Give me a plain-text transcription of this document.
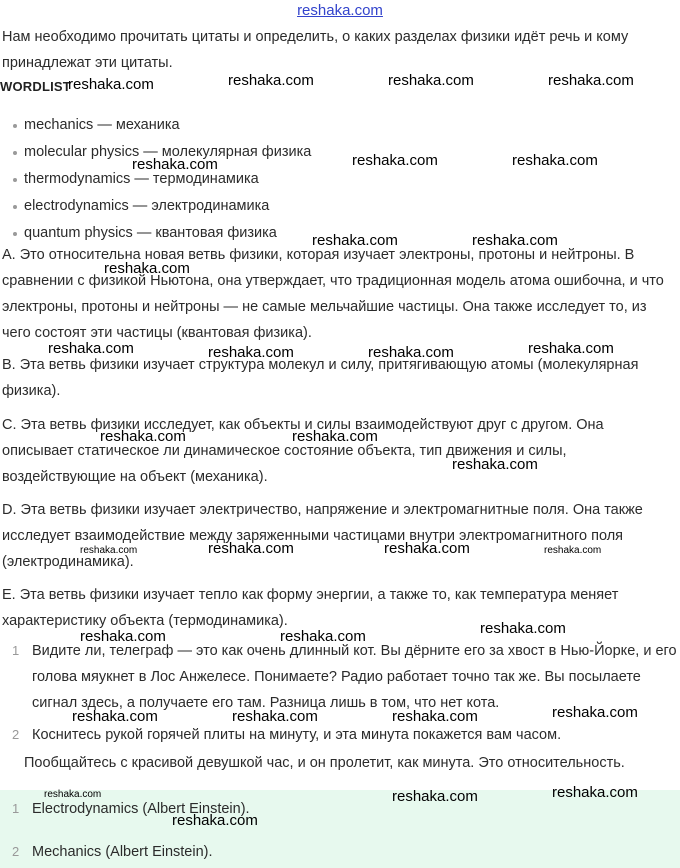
reshaka.com

Нам необходимо прочитать цитаты и определить, о каких разделах физики идёт речь и кому принадлежат эти цитаты.

WORDLIST
mechanics — механика
molecular physics — молекулярная физика
thermodynamics — термодинамика
electrodynamics — электродинамика
quantum physics — квантовая физика

A. Это относительна новая ветвь физики, которая изучает электроны, протоны и нейтроны. В сравнении с физикой Ньютона, она утверждает, что традиционная модель атома ошибочна, и что электроны, протоны и нейтроны — не самые мельчайшие частицы. Она также исследует то, из чего состоят эти частицы (квантовая физика).

B. Эта ветвь физики изучает структура молекул и силу, притягивающую атомы (молекулярная физика).

C. Эта ветвь физики исследует, как объекты и силы взаимодействуют друг с другом. Она описывает статическое ли динамическое состояние объекта, тип движения и силы, воздействующие на объект (механика).

D. Эта ветвь физики изучает электричество, напряжение и электромагнитные поля. Она также исследует взаимодействие между заряженными частицами внутри электромагнитного поля (электродинамика).

E. Эта ветвь физики изучает тепло как форму энергии, а также то, как температура меняет характеристику объекта (термодинамика).

1 Видите ли, телеграф — это как очень длинный кот. Вы дёрните его за хвост в Нью-Йорке, и его голова мяукнет в Лос Анжелесе. Понимаете? Радио работает точно так же. Вы посылаете сигнал здесь, а получаете его там. Разница лишь в том, что нет кота.

2 Коснитесь рукой горячей плиты на минуту, и эта минута покажется вам часом.

Пообщайтесь с красивой девушкой час, и он пролетит, как минута. Это относительность.

1 Electrodynamics (Albert Einstein).

2 Mechanics (Albert Einstein).

reshaka.com	reshaka.com	reshaka.com	reshaka.com
reshaka.com	reshaka.com	reshaka.com
reshaka.com	reshaka.com
reshaka.com
reshaka.com	reshaka.com	reshaka.com	reshaka.com
reshaka.com	reshaka.com
reshaka.com
reshaka.com	reshaka.com	reshaka.com	reshaka.com
reshaka.com
reshaka.com	reshaka.com
reshaka.com	reshaka.com	reshaka.com	reshaka.com
reshaka.com	reshaka.com	reshaka.com
reshaka.com
